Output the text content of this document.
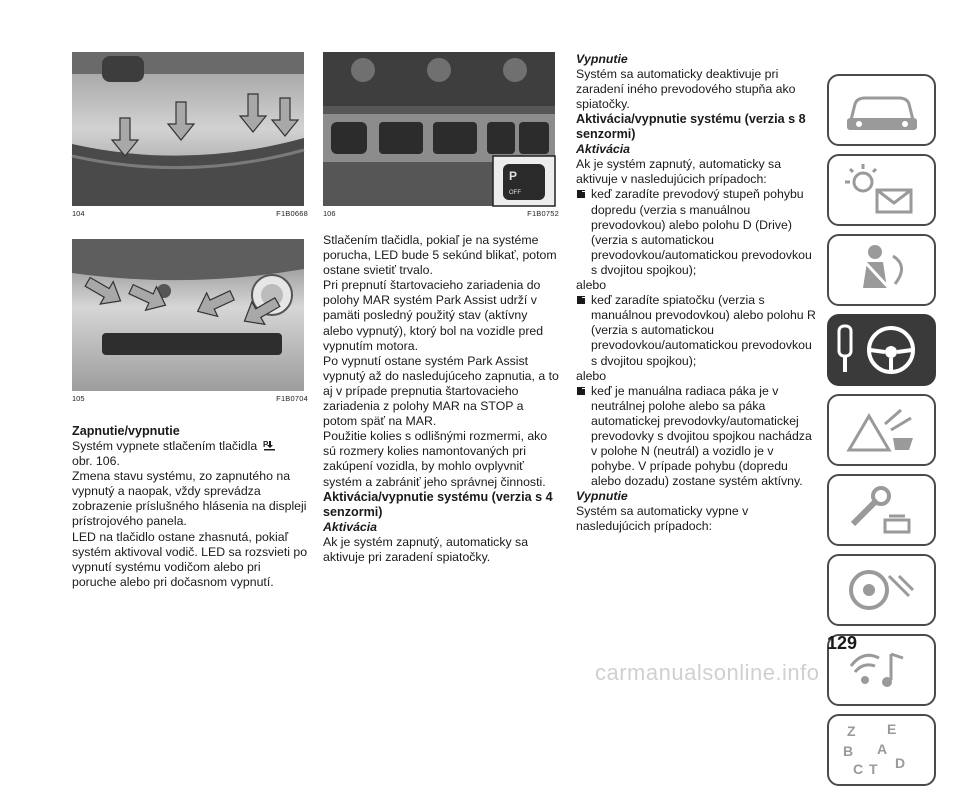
104	F1B0668
105	F1B0704

Zapnutie/vypnutie

Systém vypnete stlačením tlačidla P

obr. 106.

Zmena stavu systému, zo zapnutého na vypnutý a naopak, vždy sprevádza zobrazenie príslušného hlásenia na displeji prístrojového panela.

LED na tlačidlo ostane zhasnutá, pokiaľ systém aktivoval vodič. LED sa rozsvieti po vypnutí systému vodičom alebo pri poruche alebo pri dočasnom vypnutí.

P
OFF
106	F1B0752

Stlačením tlačidla, pokiaľ je na systéme porucha, LED bude 5 sekúnd blikať, potom ostane svietiť trvalo.

Pri prepnutí štartovacieho zariadenia do polohy MAR systém Park Assist udrží v pamäti posledný použitý stav (aktívny alebo vypnutý), ktorý bol na vozidle pred vypnutím motora.

Po vypnutí ostane systém Park Assist vypnutý až do nasledujúceho zapnutia, a to aj v prípade prepnutia štartovacieho zariadenia z polohy MAR na STOP a potom späť na MAR.

Použitie kolies s odlišnými rozmermi, ako sú rozmery kolies namontovaných pri zakúpení vozidla, by mohlo ovplyvniť systém a zabrániť jeho správnej činnosti.

Aktivácia/vypnutie systému (verzia s 4 senzormi)

Aktivácia

Ak je systém zapnutý, automaticky sa aktivuje pri zaradení spiatočky.

Vypnutie

Systém sa automaticky deaktivuje pri zaradení iného prevodového stupňa ako spiatočky.

Aktivácia/vypnutie systému (verzia s 8 senzormi)

Aktivácia

Ak je systém zapnutý, automaticky sa aktivuje v nasledujúcich prípadoch:

keď zaradíte prevodový stupeň pohybu dopredu (verzia s manuálnou prevodovkou) alebo polohu D (Drive) (verzia s automatickou prevodovkou/automatickou prevodovkou s dvojitou spojkou);

alebo

keď zaradíte spiatočku (verzia s manuálnou prevodovkou) alebo polohu R (verzia s automatickou prevodovkou/automatickou prevodovkou s dvojitou spojkou);

alebo

keď je manuálna radiaca páka je v neutrálnej polohe alebo sa páka automatickej prevodovky/automatickej prevodovky s dvojitou spojkou nachádza v polohe N (neutrál) a vozidlo je v pohybe. V prípade pohybu (dopredu alebo dozadu) zostane systém aktívny.

Vypnutie

Systém sa automaticky vypne v nasledujúcich prípadoch:

Z E
B A
C T D
129
carmanualsonline.info
